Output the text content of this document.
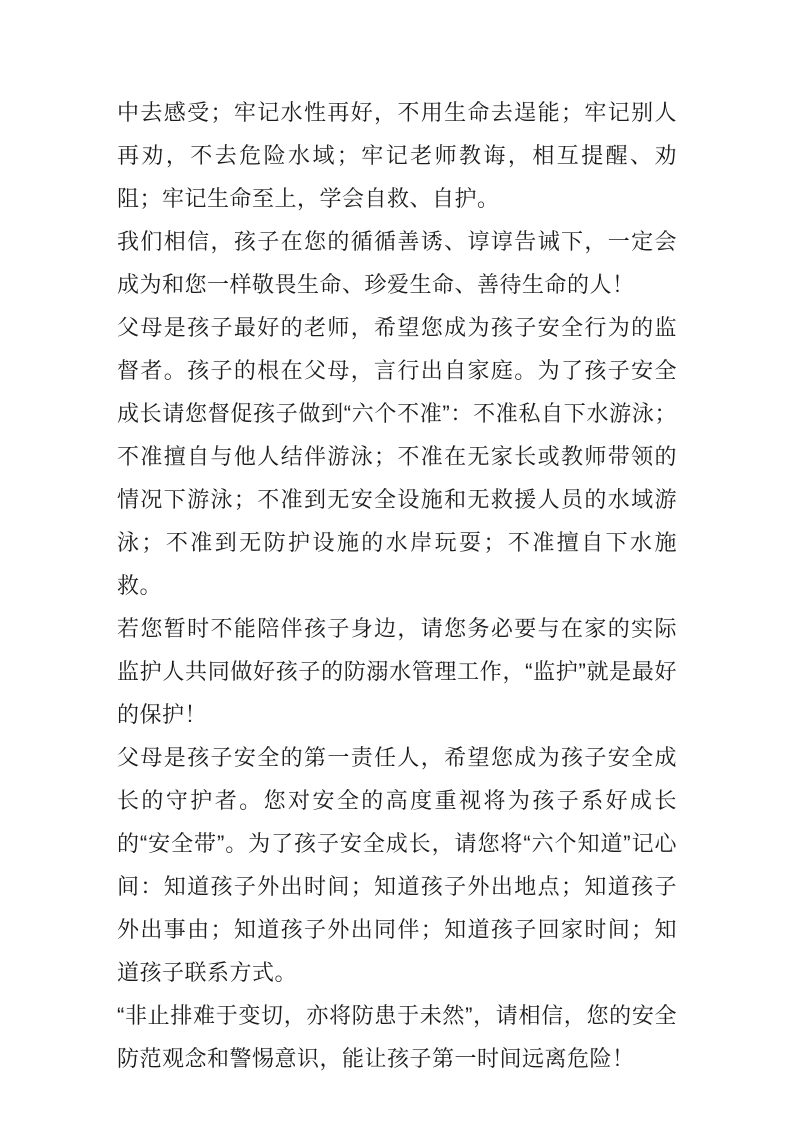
中去感受；牢记水性再好，不用生命去逞能；牢记别人再劝，不去危险水域；牢记老师教诲，相互提醒、劝阻；牢记生命至上，学会自救、自护。

我们相信，孩子在您的循循善诱、谆谆告诫下，一定会成为和您一样敬畏生命、珍爱生命、善待生命的人！

父母是孩子最好的老师，希望您成为孩子安全行为的监督者。孩子的根在父母，言行出自家庭。为了孩子安全成长请您督促孩子做到“六个不准”：不准私自下水游泳；不准擅自与他人结伴游泳；不准在无家长或教师带领的情况下游泳；不准到无安全设施和无救援人员的水域游泳；不准到无防护设施的水岸玩耍；不准擅自下水施救。

若您暂时不能陪伴孩子身边，请您务必要与在家的实际监护人共同做好孩子的防溺水管理工作，“监护”就是最好的保护！

父母是孩子安全的第一责任人，希望您成为孩子安全成长的守护者。您对安全的高度重视将为孩子系好成长的“安全带”。为了孩子安全成长，请您将“六个知道”记心间：知道孩子外出时间；知道孩子外出地点；知道孩子外出事由；知道孩子外出同伴；知道孩子回家时间；知道孩子联系方式。

“非止排难于变切，亦将防患于未然”，请相信，您的安全防范观念和警惕意识，能让孩子第一时间远离危险！
